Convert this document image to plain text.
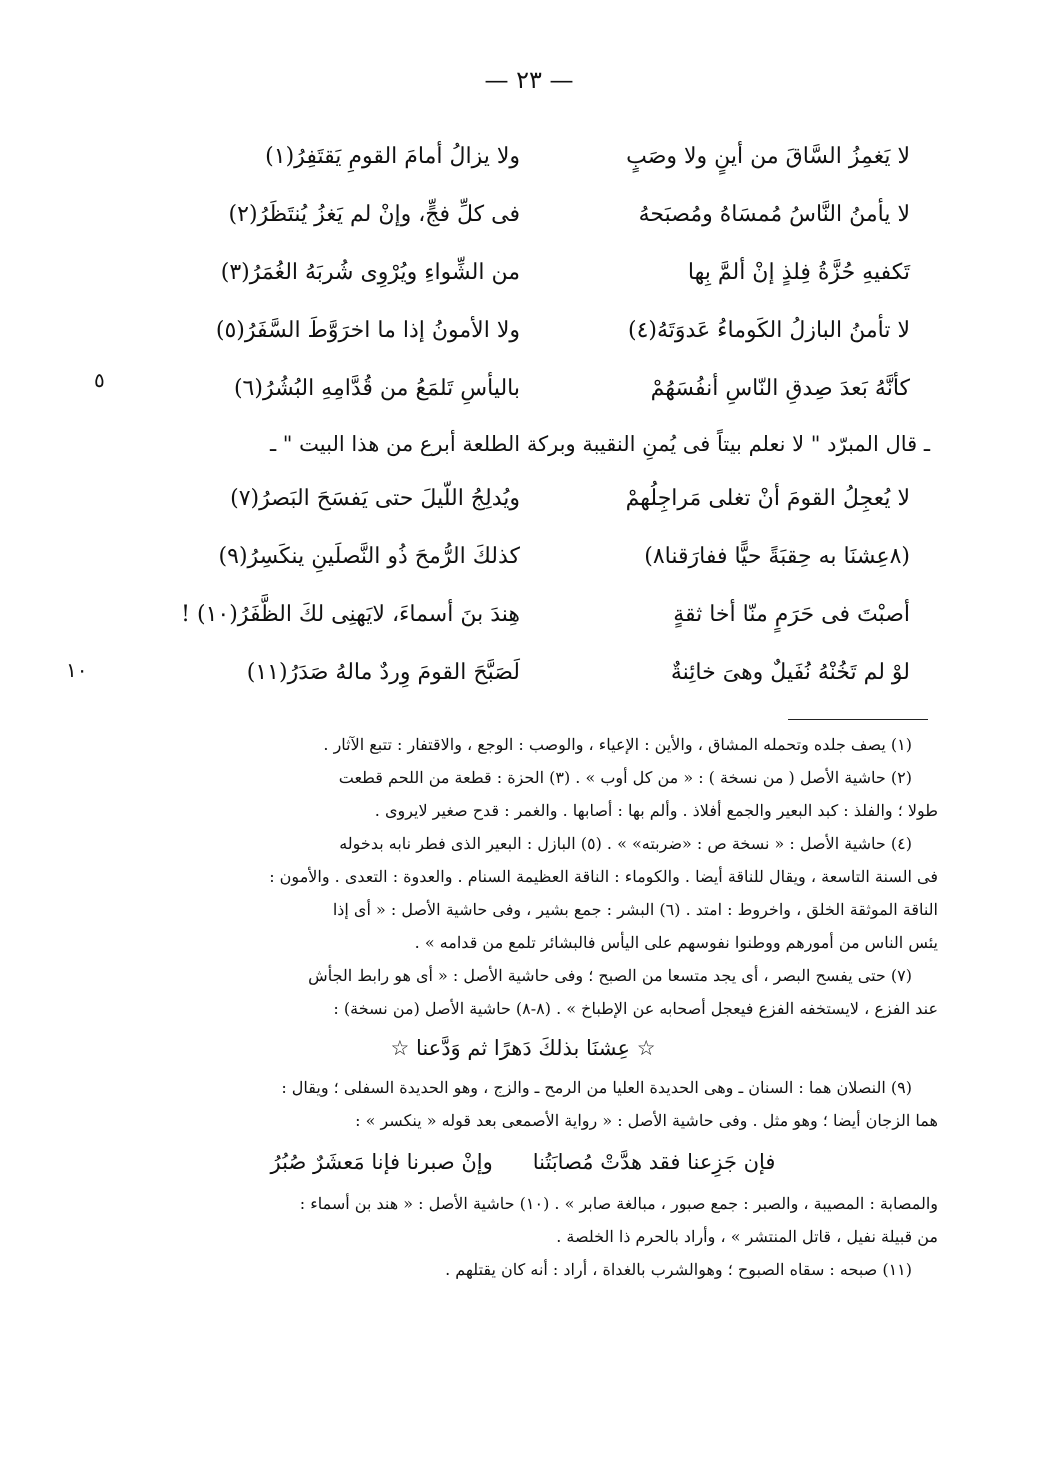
— ٢٣ —
لا يَغمِزُ السَّاقَ من أينٍ ولا وصَبٍ
ولا يزالُ أمامَ القومِ يَقتَفِرُ(١)
لا يأمنُ النَّاسُ مُمسَاهُ ومُصبَحهُ
فى كلِّ فجٍّ، وإنْ لم يَغزُ يُنتَظَرُ(٢)
تَكفيهِ حُزَّةُ فِلذٍ إنْ ألمَّ بِها
من الشِّواءِ ويُرْوِى شُربَهُ الغُمَرُ(٣)
لا تأمنُ البازلُ الكَوماءُ عَدوَتَهُ(٤)
ولا الأمونُ إذا ما اخرَوَّطَ السَّفَرُ(٥)
كأنَّهُ بَعدَ صِدقِ النّاسِ أنفُسَهُمْ
باليأسِ تَلمَعُ من قُدَّامِهِ البُشُرُ(٦)
ـ قال المبرّد " لا نعلم بيتاً فى يُمنِ النقيبة وبركة الطلعة أبرع من هذا البيت " ـ
لا يُعجِلُ القومَ أنْ تغلى مَراجِلُهمْ
ويُدلِجُ اللّيلَ حتى يَفسَحَ البَصرُ(٧)
(٨عِشنَا به حِقبَةً حيًّا ففارَقنا٨)
كذلكَ الرُّمحَ ذُو النَّصلَينِ ينكَسِرُ(٩)
أصبْتَ فى حَرَمٍ منّا أخا ثقةٍ
هِندَ بنَ أسماءَ، لايَهنِى لكَ الظَّفَرُ(١٠) !
لوْ لم تَخُنْهُ نُفَيلٌ وهىَ خائِنةٌ
لَصَبَّحَ القومَ وِردٌ مالهُ صَدَرُ(١١)
٥
١٠
(١) يصف جلده وتحمله المشاق ، والأين : الإعياء ، والوصب : الوجع ، والاقتفار : تتبع الآثار .
(٢) حاشية الأصل ( من نسخة ) : « من كل أوب » . (٣) الحزة : قطعة من اللحم قطعت
طولا ؛ والفلذ : كبد البعير والجمع أفلاذ . وألم بها : أصابها . والغمر : قدح صغير لايروى .
(٤) حاشية الأصل : « نسخة ص : «ضربته» » . (٥) البازل : البعير الذى فطر نابه بدخوله
فى السنة التاسعة ، ويقال للناقة أيضا . والكوماء : الناقة العظيمة السنام . والعدوة : التعدى . والأمون :
الناقة الموثقة الخلق ، واخروط : امتد . (٦) البشر : جمع بشير ، وفى حاشية الأصل : « أى إذا
يئس الناس من أمورهم ووطنوا نفوسهم على اليأس فالبشائر تلمع من قدامه » .
(٧) حتى يفسح البصر ، أى يجد متسعا من الصبح ؛ وفى حاشية الأصل : « أى هو رابط الجأش
عند الفزع ، لايستخفه الفزع فيعجل أصحابه عن الإطباخ » . (٨-٨) حاشية الأصل (من نسخة) :
☆ عِشنَا بذلكَ دَهرًا ثم وَدَّعنا ☆
(٩) النصلان هما : السنان ـ وهى الحديدة العليا من الرمح ـ والزج ، وهو الحديدة السفلى ؛ ويقال :
هما الزجان أيضا ؛ وهو مثل . وفى حاشية الأصل : « رواية الأصمعى بعد قوله « ينكسر » :
فإن جَزِعنا فقد هدَّتْ مُصابَتُنا
وإنْ صبرنا فإنا مَعشَرٌ صُبُرُ
والمصابة : المصيبة ، والصبر : جمع صبور ، مبالغة صابر » . (١٠) حاشية الأصل : « هند بن أسماء :
من قبيلة نفيل ، قاتل المنتشر » ، وأراد بالحرم ذا الخلصة .
(١١) صبحه : سقاه الصبوح ؛ وهوالشرب بالغداة ، أراد : أنه كان يقتلهم .
